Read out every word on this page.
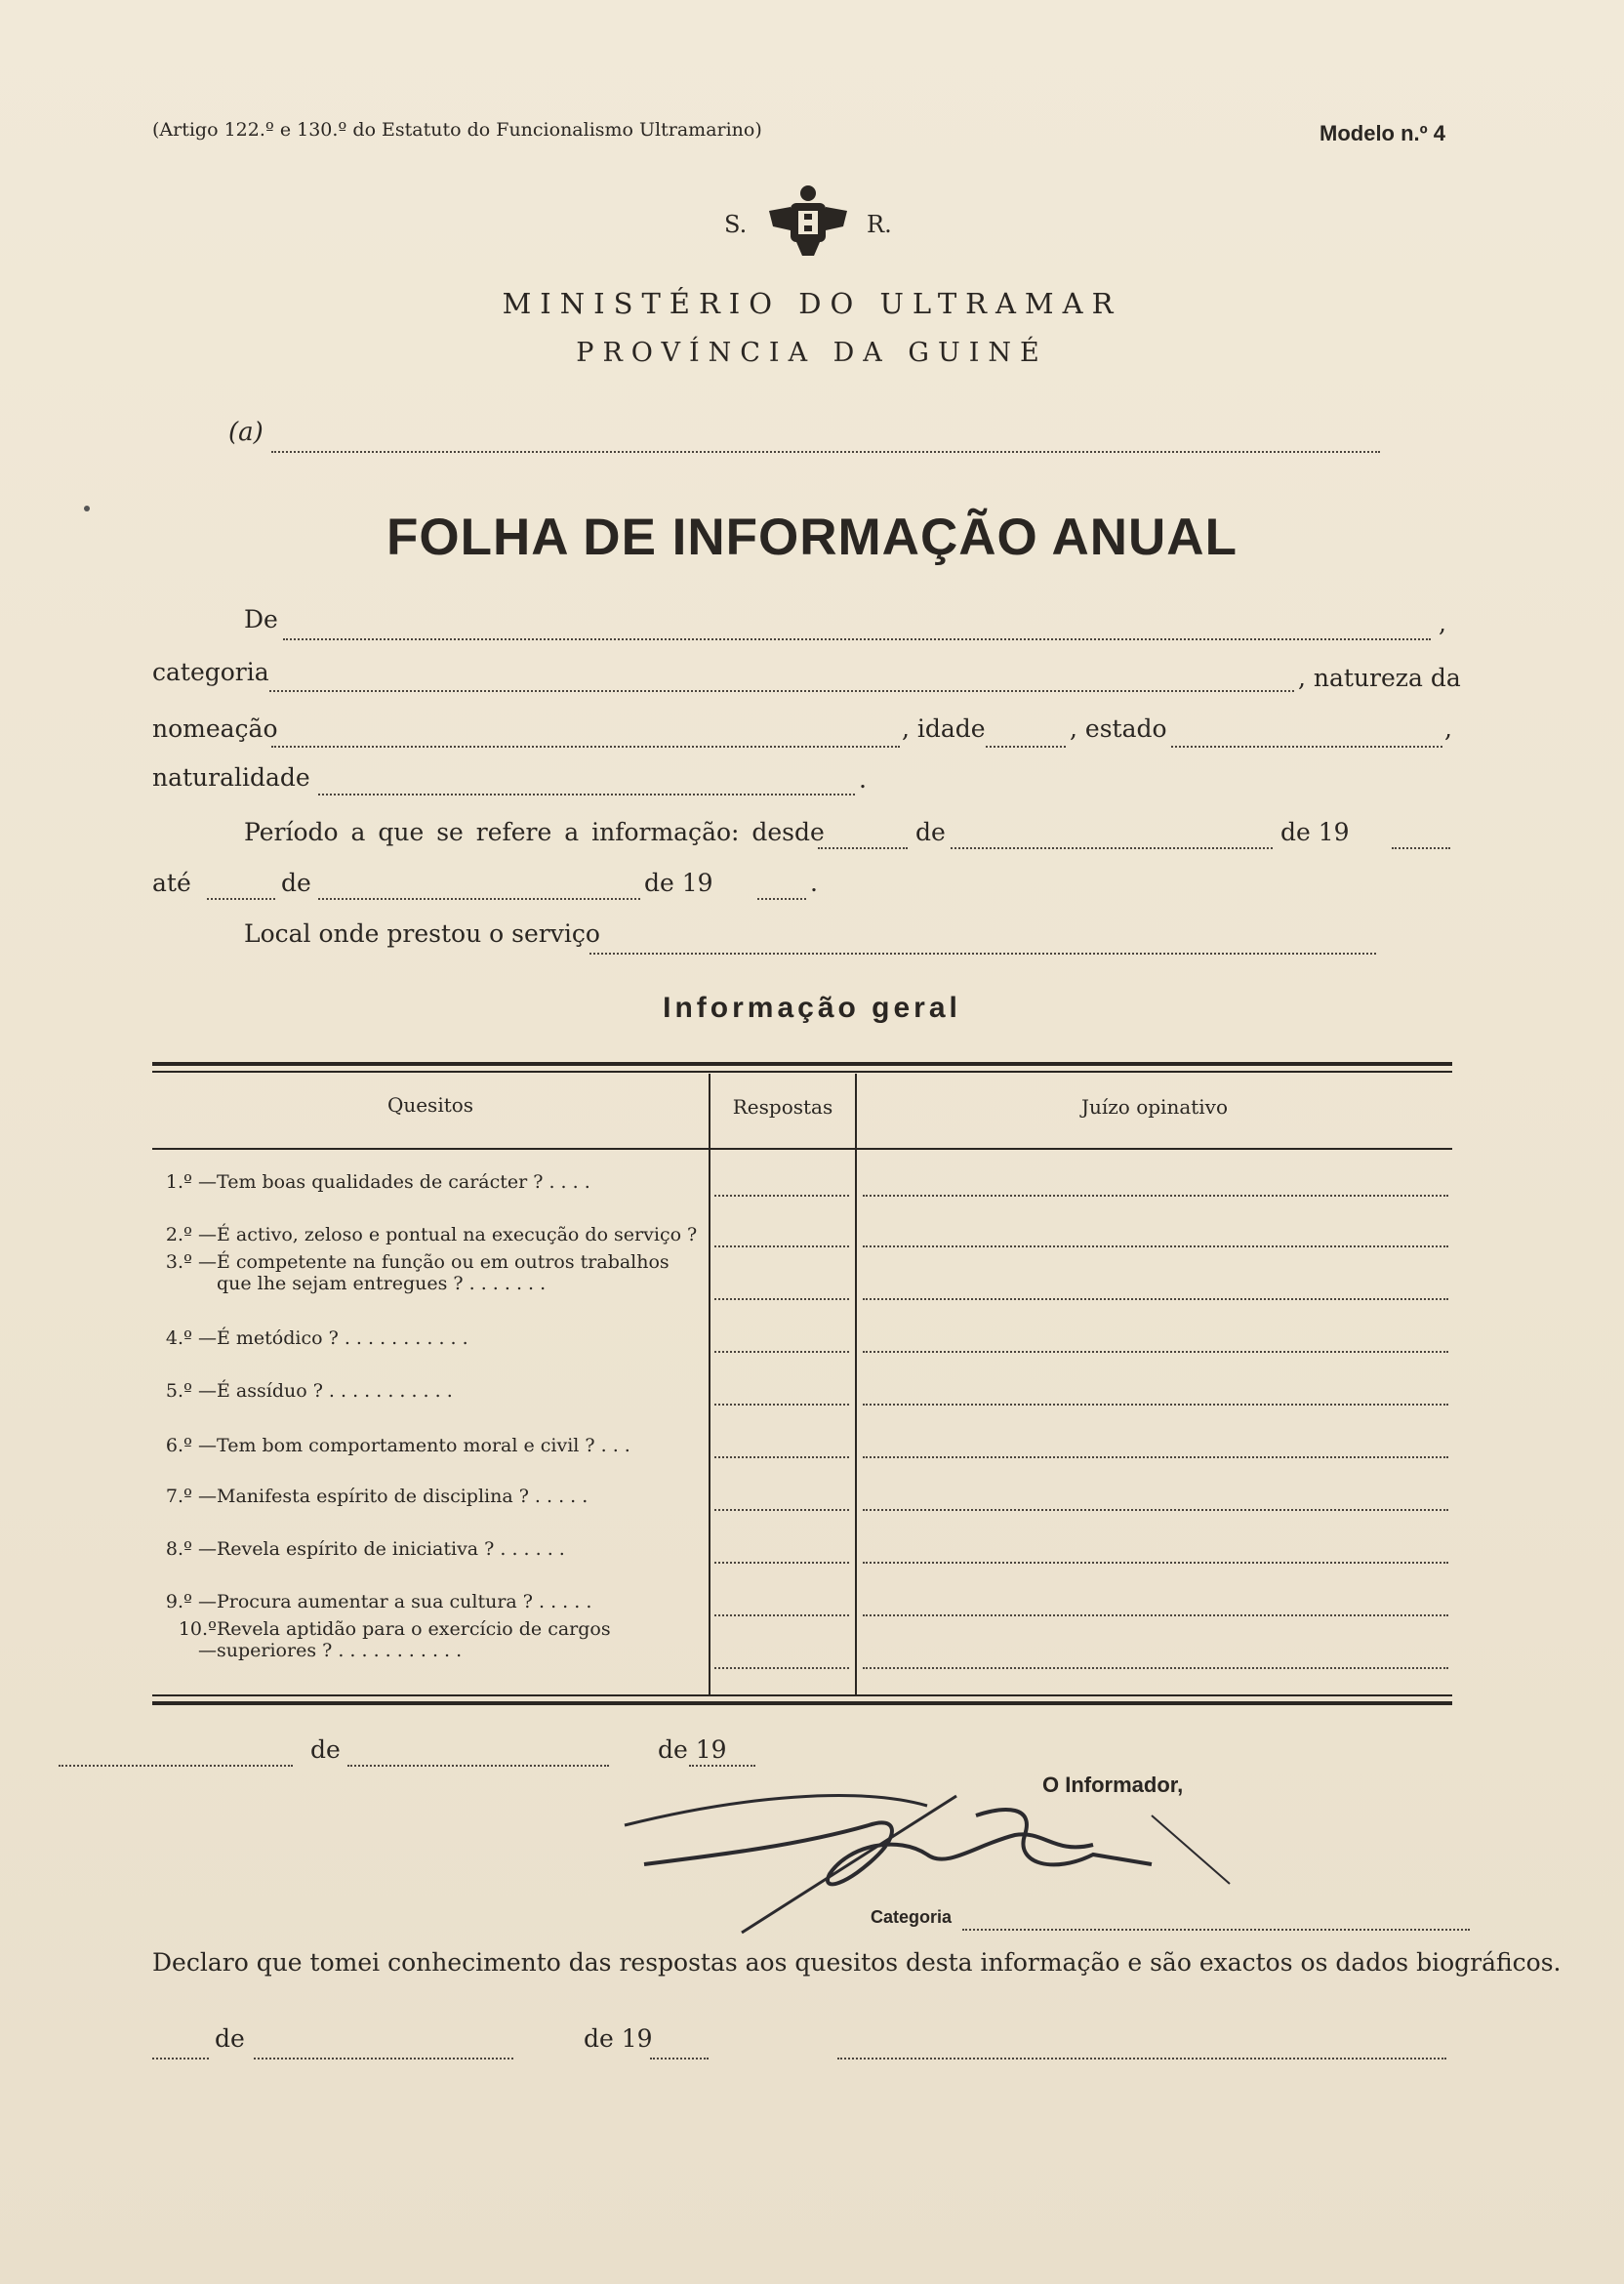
(Artigo 122.º e 130.º do Estatuto do Funcionalismo Ultramarino)	Modelo n.º 4
S.	R.
MINISTÉRIO DO ULTRAMAR
PROVÍNCIA DA GUINÉ
(a)
FOLHA DE INFORMAÇÃO ANUAL
De	,
categoria	, natureza da
nomeação	, idade	, estado	,
naturalidade	.
Período a que se refere a informação: desde	de	de 19
até	de	de 19	.
Local onde prestou o serviço
Informação geral
Quesitos	Respostas	Juízo opinativo
1.º — Tem boas qualidades de carácter ? . . . .
2.º — É activo, zeloso e pontual na execução do serviço ?
3.º — É competente na função ou em outros trabalhos que lhe sejam entregues ? . . . . . . .
4.º — É metódico ? . . . . . . . . . . .
5.º — É assíduo ? . . . . . . . . . . .
6.º — Tem bom comportamento moral e civil ? . . .
7.º — Manifesta espírito de disciplina ? . . . . .
8.º — Revela espírito de iniciativa ? . . . . . .
9.º — Procura aumentar a sua cultura ? . . . . .
10.º —
Revela aptidão para o exercício de cargos superiores ? . . . . . . . . . . .
de	de 19
O Informador,
Categoria
Declaro que tomei conhecimento das respostas aos quesitos desta informação e são exactos os dados biográficos.
de	de 19
